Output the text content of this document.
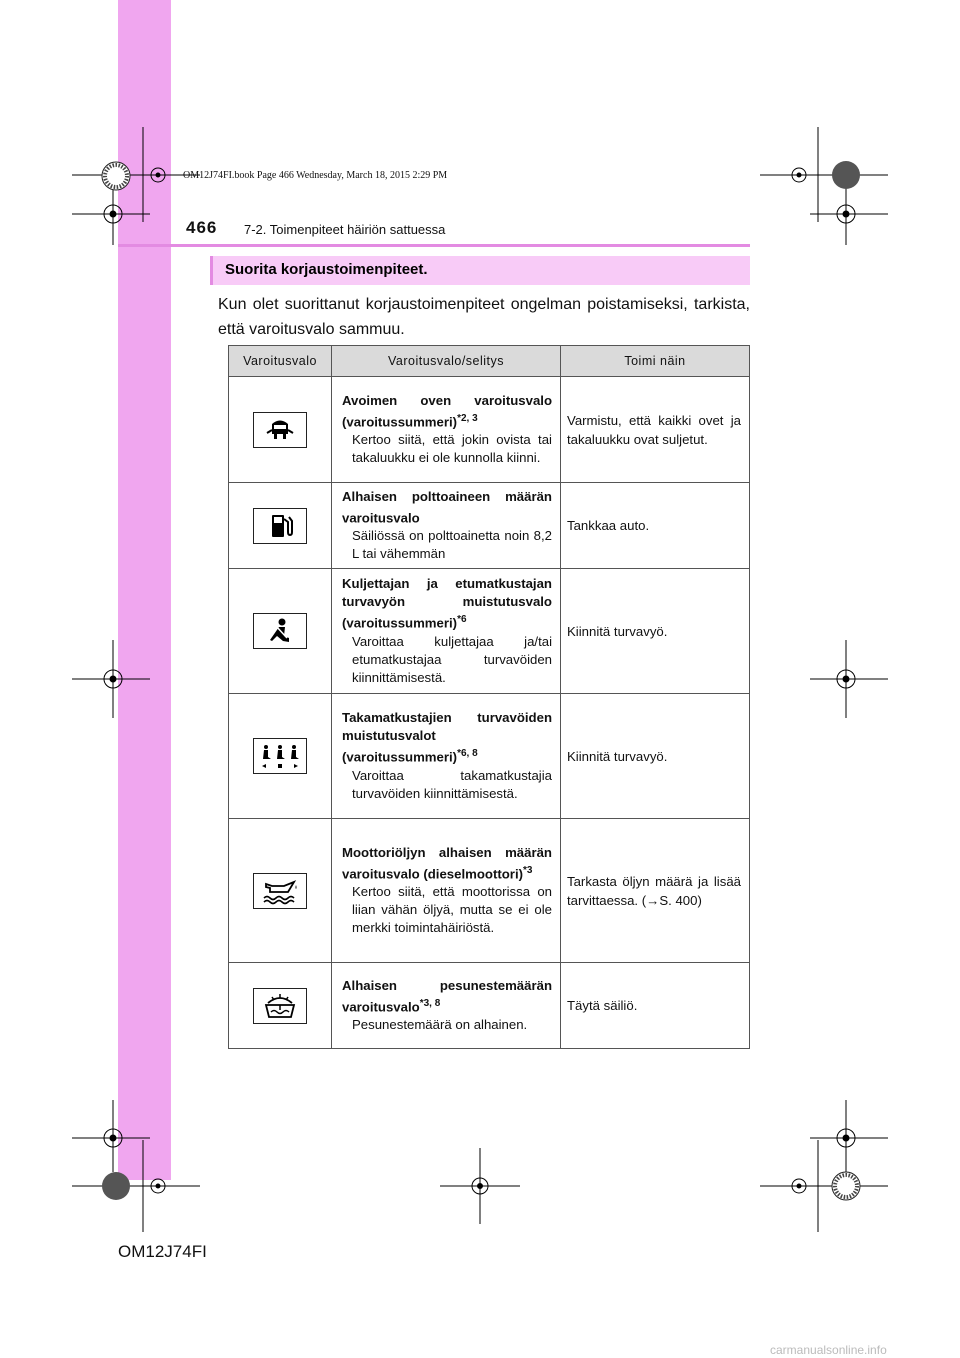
OM12J74FI.book Page 466 Wednesday, March 18, 2015 2:29 PM
466 7-2. Toimenpiteet häiriön sattuessa
Suorita korjaustoimenpiteet.
Kun olet suorittanut korjaustoimenpiteet ongelman poistamiseksi, tarkista, että varoitusvalo sammuu.
Varoitusvalo	Varoitusvalo/selitys	Toimi näin

Avoimen oven varoitusvalo (varoitussummeri)$^{*2, 3}$
Kertoo siitä, että jokin ovista tai takaluukku ei ole kunnolla kiinni.	Varmistu, että kaikki ovet ja takaluukku ovat suljetut.

Alhaisen polttoaineen määrän varoitusvalo
Säiliössä on polttoainetta noin 8,2 L tai vähemmän	Tankkaa auto.

Kuljettajan ja etumatkustajan turvavyön muistutusvalo (varoitussummeri)$^{*6}$
Varoittaa kuljettajaa ja/tai etumatkustajaa turvavöiden kiinnittämisestä.	Kiinnitä turvavyö.

Takamatkustajien turvavöiden muistutusvalot (varoitussummeri)$^{*6, 8}$
Varoittaa takamatkustajia turvavöiden kiinnittämisestä.	Kiinnitä turvavyö.

Moottoriöljyn alhaisen määrän varoitusvalo (dieselmoottori)$^{*3}$
Kertoo siitä, että moottorissa on liian vähän öljyä, mutta se ei ole merkki toimintahäiriöstä.	Tarkasta öljyn määrä ja lisää tarvittaessa. (→S. 400)

Alhaisen pesunestemäärän varoitusvalo$^{*3, 8}$
Pesunestemäärä on alhainen.	Täytä säiliö.
OM12J74FI
carmanualsonline.info
